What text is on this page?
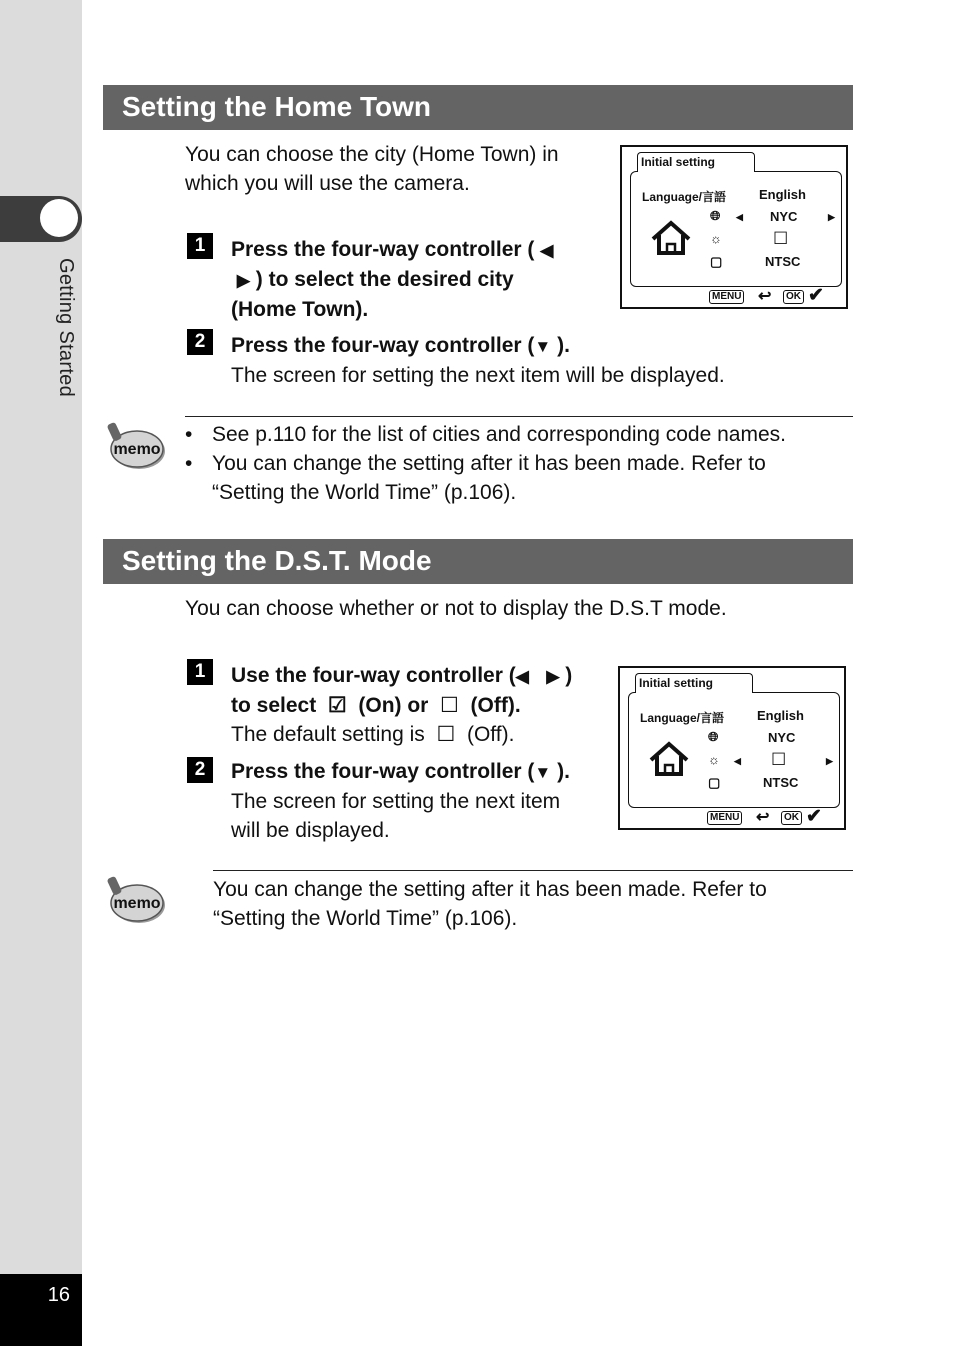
Getting Started
16
Setting the Home Town
You can choose the city (Home Town) in
which you will use the camera.
1	Press the four-way controller ( ◀
▶ ) to select the desired city
(Home Town).
2	Press the four-way controller (▼ ).
The screen for setting the next item will be displayed.
Initial setting
Language/言語	English
🌐︎ ◀ NYC	▶
☼	☐
▢	NTSC
MENU ↩	OK ✔
memo
• See p.110 for the list of cities and corresponding code names.
• You can change the setting after it has been made. Refer to
“Setting the World Time” (p.106).
Setting the D.S.T. Mode
You can choose whether or not to display the D.S.T mode.
1	Use the four-way controller (◀ ▶ )
to select ☑ (On) or ☐ (Off).
The default setting is ☐ (Off).
2	Press the four-way controller (▼ ).
The screen for setting the next item
will be displayed.
Initial setting
Language/言語	English
🌐︎	NYC
☼ ◀ ☐	▶
▢	NTSC
MENU ↩	OK ✔
memo
You can change the setting after it has been made. Refer to
“Setting the World Time” (p.106).
